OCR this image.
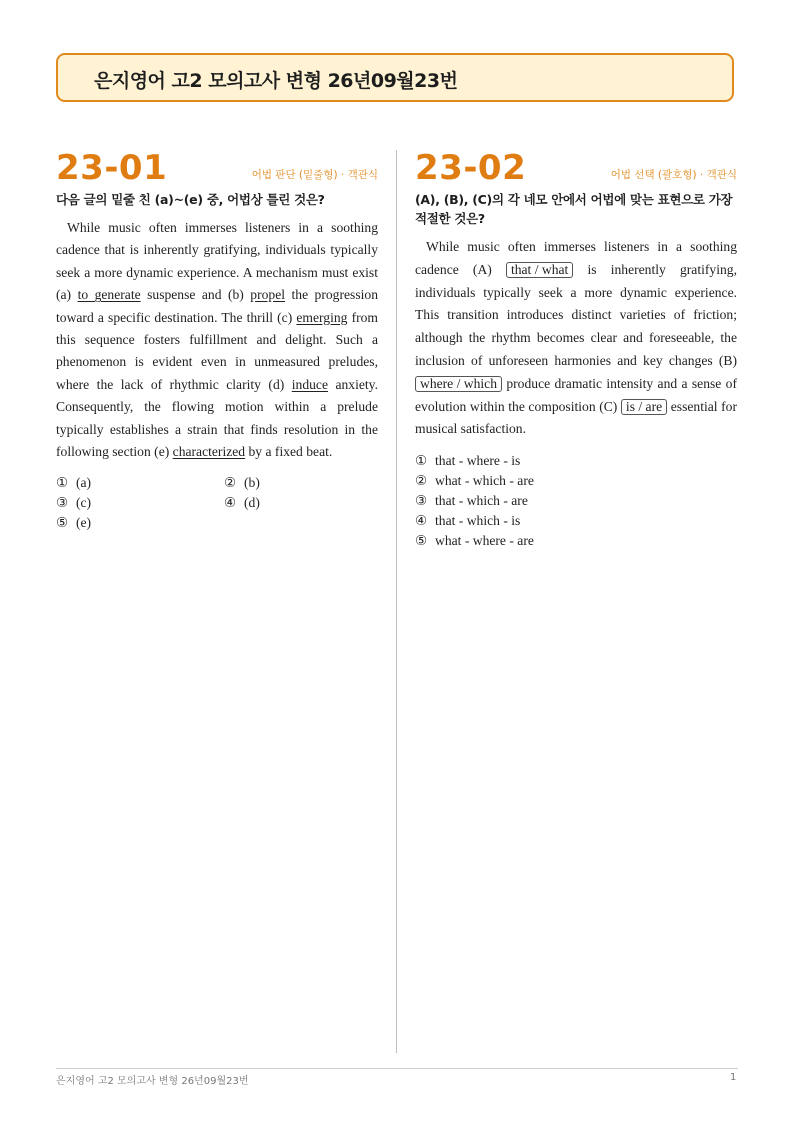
은지영어 고2 모의고사 변형 26년09월23번
23-01	어법 판단 (밑줄형) · 객관식
다음 글의 밑줄 친 (a)~(e) 중, 어법상 틀린 것은?
While music often immerses listeners in a soothing cadence that is inherently gratifying, individuals typically seek a more dynamic experience. A mechanism must exist (a) to generate suspense and (b) propel the progression toward a specific destination. The thrill (c) emerging from this sequence fosters fulfillment and delight. Such a phenomenon is evident even in unmeasured preludes, where the lack of rhythmic clarity (d) induce anxiety. Consequently, the flowing motion within a prelude typically establishes a strain that finds resolution in the following section (e) characterized by a fixed beat.
① (a)	② (b)
③ (c)	④ (d)
⑤ (e)
23-02	어법 선택 (괄호형) · 객관식
(A), (B), (C)의 각 네모 안에서 어법에 맞는 표현으로 가장 적절한 것은?
While music often immerses listeners in a soothing cadence (A) that / what is inherently gratifying, individuals typically seek a more dynamic experience. This transition introduces distinct varieties of friction; although the rhythm becomes clear and foreseeable, the inclusion of unforeseen harmonies and key changes (B) where / which produce dramatic intensity and a sense of evolution within the composition (C) is / are essential for musical satisfaction.
① that - where - is
② what - which - are
③ that - which - are
④ that - which - is
⑤ what - where - are
은지영어 고2 모의고사 변형 26년09월23번	1
